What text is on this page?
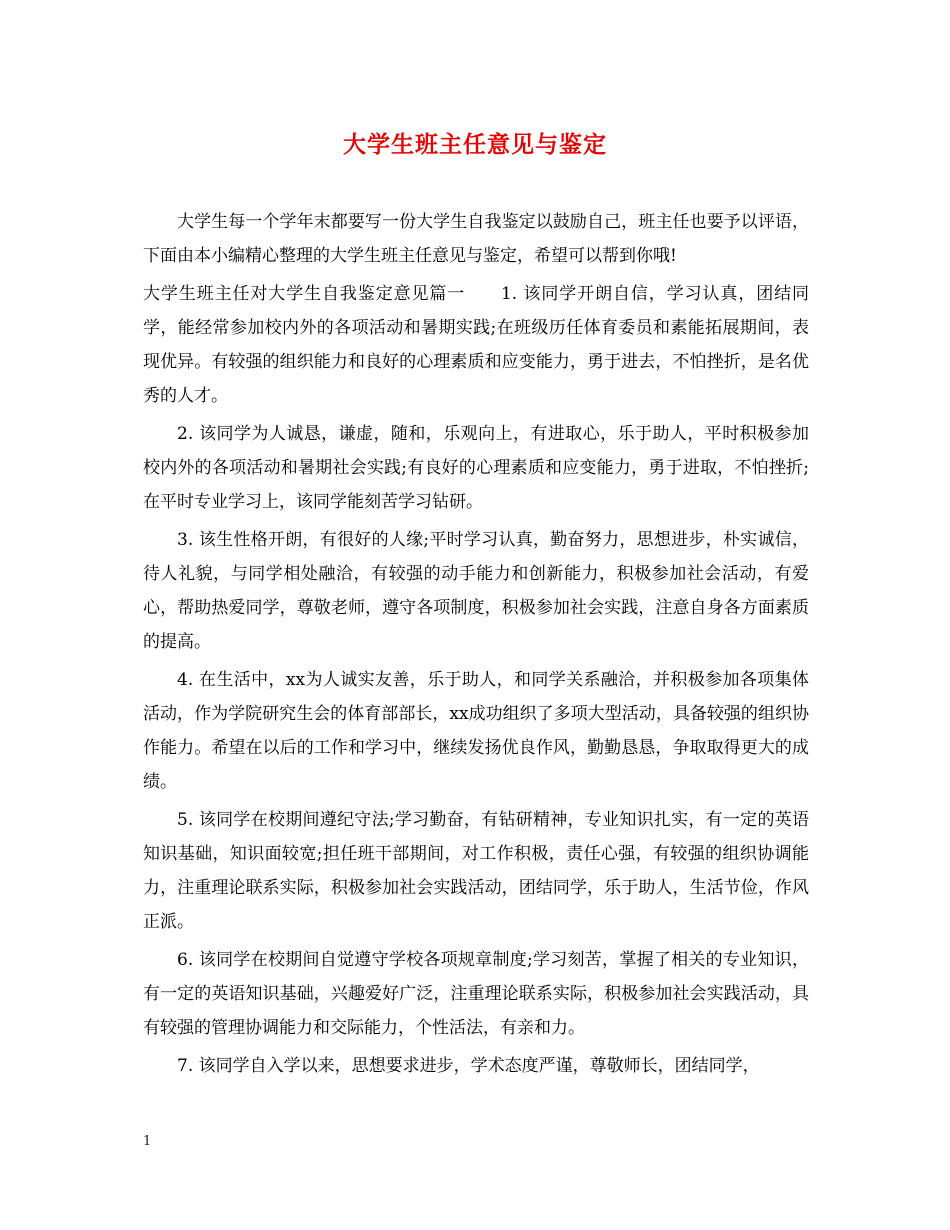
大学生班主任意见与鉴定

大学生每一个学年末都要写一份大学生自我鉴定以鼓励自己，班主任也要予以评语，下面由本小编精心整理的大学生班主任意见与鉴定，希望可以帮到你哦!

大学生班主任对大学生自我鉴定意见篇一　　1. 该同学开朗自信，学习认真，团结同学，能经常参加校内外的各项活动和暑期实践;在班级历任体育委员和素能拓展期间，表现优异。有较强的组织能力和良好的心理素质和应变能力，勇于进去，不怕挫折，是名优秀的人才。

2. 该同学为人诚恳，谦虚，随和，乐观向上，有进取心，乐于助人，平时积极参加校内外的各项活动和暑期社会实践;有良好的心理素质和应变能力，勇于进取，不怕挫折;在平时专业学习上，该同学能刻苦学习钻研。

3. 该生性格开朗，有很好的人缘;平时学习认真，勤奋努力，思想进步，朴实诚信，待人礼貌，与同学相处融洽，有较强的动手能力和创新能力，积极参加社会活动，有爱心，帮助热爱同学，尊敬老师，遵守各项制度，积极参加社会实践，注意自身各方面素质的提高。

4. 在生活中，xx为人诚实友善，乐于助人，和同学关系融洽，并积极参加各项集体活动，作为学院研究生会的体育部部长，xx成功组织了多项大型活动，具备较强的组织协作能力。希望在以后的工作和学习中，继续发扬优良作风，勤勤恳恳，争取取得更大的成绩。

5. 该同学在校期间遵纪守法;学习勤奋，有钻研精神，专业知识扎实，有一定的英语知识基础，知识面较宽;担任班干部期间，对工作积极，责任心强，有较强的组织协调能力，注重理论联系实际，积极参加社会实践活动，团结同学，乐于助人，生活节俭，作风正派。

6. 该同学在校期间自觉遵守学校各项规章制度;学习刻苦，掌握了相关的专业知识，有一定的英语知识基础，兴趣爱好广泛，注重理论联系实际，积极参加社会实践活动，具有较强的管理协调能力和交际能力，个性活法，有亲和力。

7. 该同学自入学以来，思想要求进步，学术态度严谨，尊敬师长，团结同学，

1
